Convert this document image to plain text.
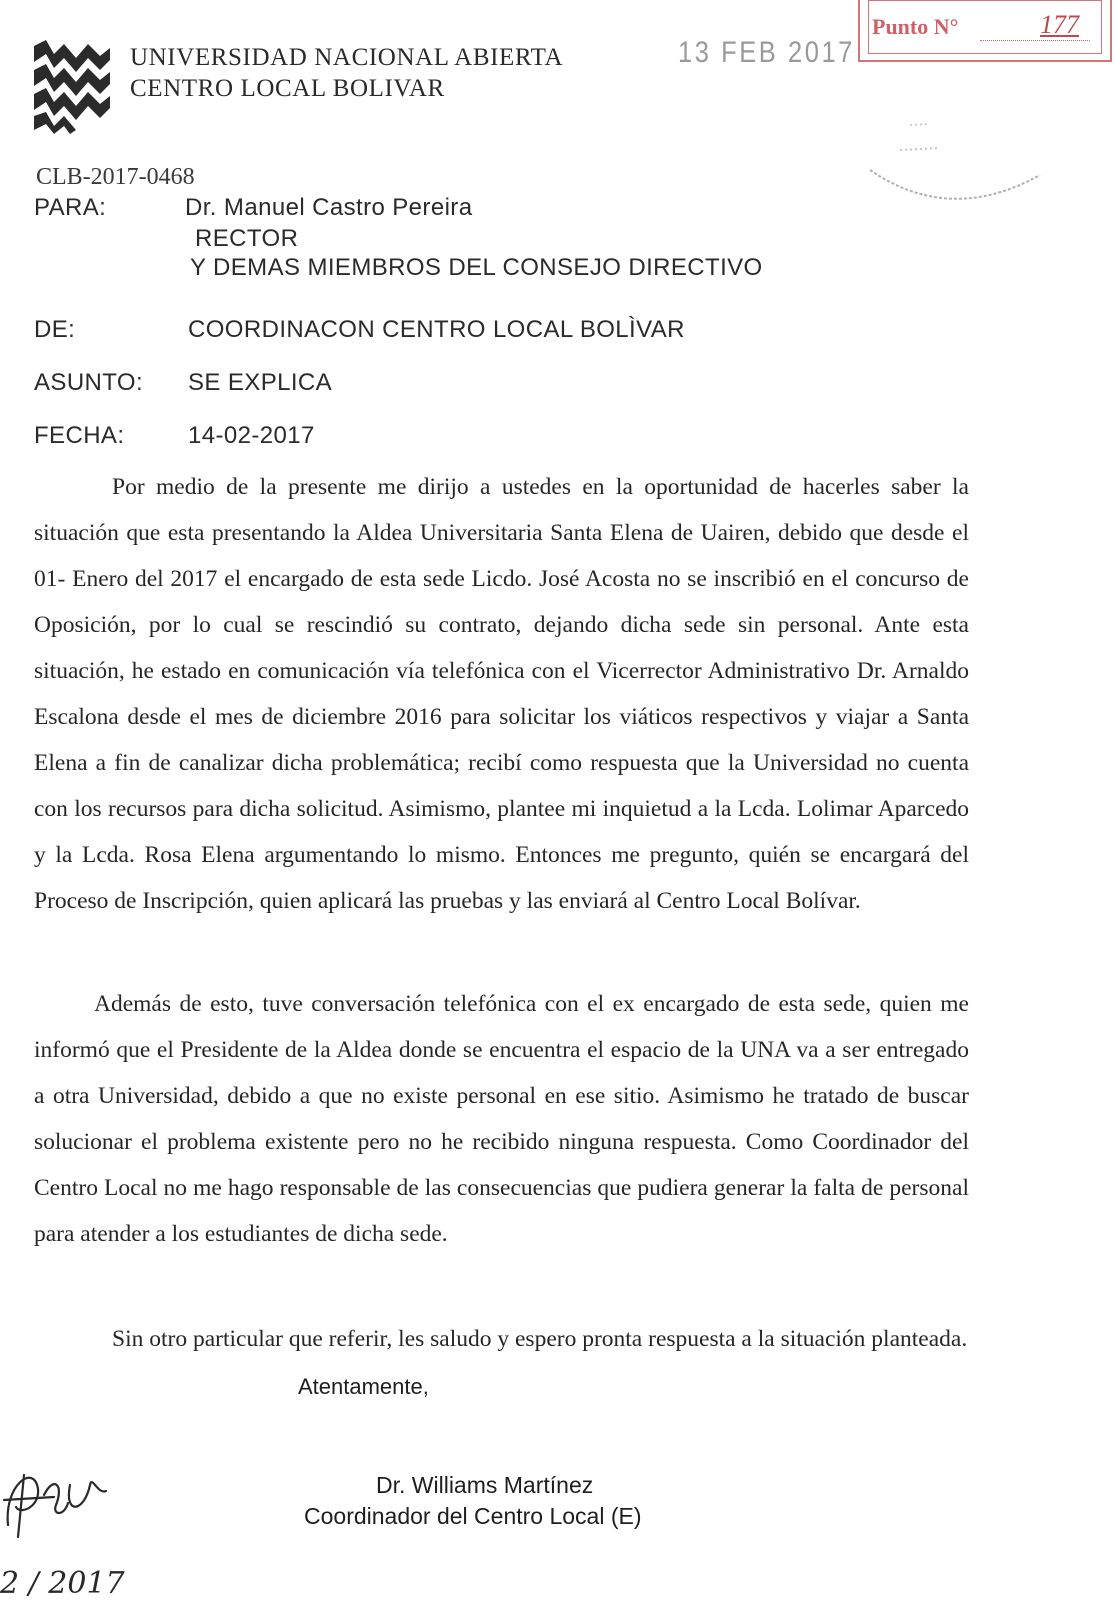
UNIVERSIDAD NACIONAL ABIERTA
CENTRO LOCAL BOLIVAR
13 FEB 2017
Punto N°	177
CLB-2017-0468
PARA:	Dr. Manuel Castro Pereira
RECTOR
Y DEMAS MIEMBROS DEL CONSEJO DIRECTIVO
DE:	COORDINACON CENTRO LOCAL BOLÌVAR
ASUNTO: SE EXPLICA
FECHA:	14-02-2017

Por medio de la presente me dirijo a ustedes en la oportunidad de hacerles saber la situación que esta presentando la Aldea Universitaria Santa Elena de Uairen, debido que desde el 01- Enero del 2017 el encargado de esta sede Licdo. José Acosta no se inscribió en el concurso de Oposición, por lo cual se rescindió su contrato, dejando dicha sede sin personal. Ante esta situación, he estado en comunicación vía telefónica con el Vicerrector Administrativo Dr. Arnaldo Escalona desde el mes de diciembre 2016 para solicitar los viáticos respectivos y viajar a Santa Elena a fin de canalizar dicha problemática; recibí como respuesta que la Universidad no cuenta con los recursos para dicha solicitud. Asimismo, plantee mi inquietud a la Lcda. Lolimar Aparcedo y la Lcda. Rosa Elena argumentando lo mismo. Entonces me pregunto, quién se encargará del Proceso de Inscripción, quien aplicará las pruebas y las enviará al Centro Local Bolívar.

Además de esto, tuve conversación telefónica con el ex encargado de esta sede, quien me informó que el Presidente de la Aldea donde se encuentra el espacio de la UNA va a ser entregado a otra Universidad, debido a que no existe personal en ese sitio. Asimismo he tratado de buscar solucionar el problema existente pero no he recibido ninguna respuesta. Como Coordinador del Centro Local no me hago responsable de las consecuencias que pudiera generar la falta de personal para atender a los estudiantes de dicha sede.

Sin otro particular que referir, les saludo y espero pronta respuesta a la situación planteada.

Atentamente,
Dr. Williams Martínez
Coordinador del Centro Local (E)
2 / 2017
